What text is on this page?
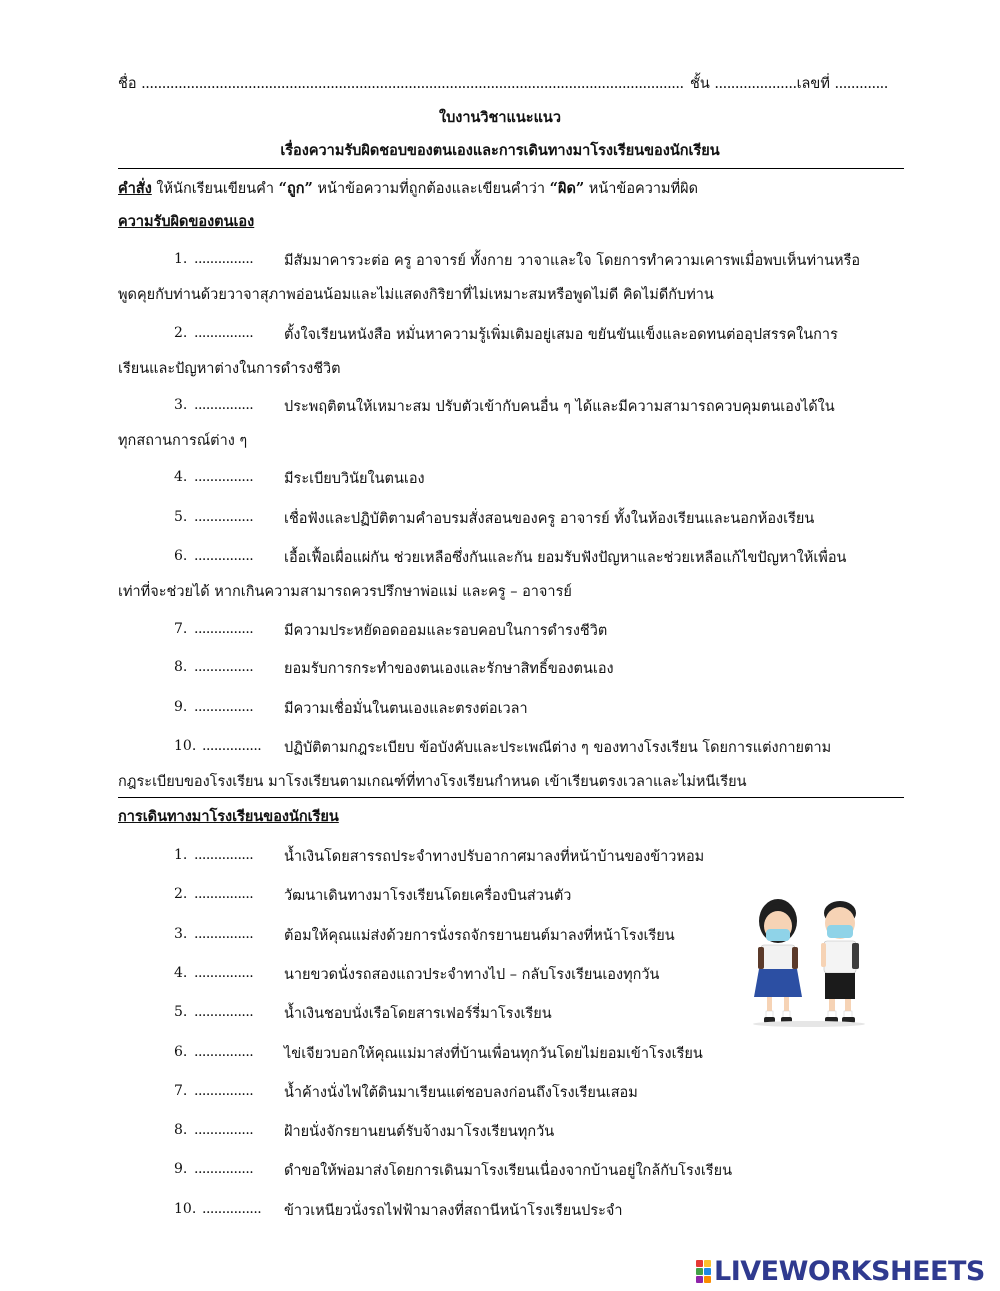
ชื่อ .................................................................................................................................... ชั้น ....................เลขที่ .............
ใบงานวิชาแนะแนว
เรื่องความรับผิดชอบของตนเองและการเดินทางมาโรงเรียนของนักเรียน
คำสั่ง ให้นักเรียนเขียนคำ “ถูก” หน้าข้อความที่ถูกต้องและเขียนคำว่า “ผิด” หน้าข้อความที่ผิด
ความรับผิดของตนเอง
1. ............... มีสัมมาคารวะต่อ ครู อาจารย์ ทั้งกาย วาจาและใจ โดยการทำความเคารพเมื่อพบเห็นท่านหรือ
พูดคุยกับท่านด้วยวาจาสุภาพอ่อนน้อมและไม่แสดงกิริยาที่ไม่เหมาะสมหรือพูดไม่ดี คิดไม่ดีกับท่าน
2. ............... ตั้งใจเรียนหนังสือ หมั่นหาความรู้เพิ่มเติมอยู่เสมอ ขยันขันแข็งและอดทนต่ออุปสรรคในการ
เรียนและปัญหาต่างในการดำรงชีวิต
3. ............... ประพฤติตนให้เหมาะสม ปรับตัวเข้ากับคนอื่น ๆ ได้และมีความสามารถควบคุมตนเองได้ใน
ทุกสถานการณ์ต่าง ๆ
4. ............... มีระเบียบวินัยในตนเอง
5. ............... เชื่อฟังและปฏิบัติตามคำอบรมสั่งสอนของครู อาจารย์ ทั้งในห้องเรียนและนอกห้องเรียน
6. ............... เอื้อเฟื้อเผื่อแผ่กัน ช่วยเหลือซึ่งกันและกัน ยอมรับฟังปัญหาและช่วยเหลือแก้ไขปัญหาให้เพื่อน
เท่าที่จะช่วยได้ หากเกินความสามารถควรปรึกษาพ่อแม่ และครู – อาจารย์
7. ............... มีความประหยัดอดออมและรอบคอบในการดำรงชีวิต
8. ............... ยอมรับการกระทำของตนเองและรักษาสิทธิ์ของตนเอง
9. ............... มีความเชื่อมั่นในตนเองและตรงต่อเวลา
10. ............... ปฏิบัติตามกฎระเบียบ ข้อบังคับและประเพณีต่าง ๆ ของทางโรงเรียน โดยการแต่งกายตาม
กฎระเบียบของโรงเรียน มาโรงเรียนตามเกณฑ์ที่ทางโรงเรียนกำหนด เข้าเรียนตรงเวลาและไม่หนีเรียน
การเดินทางมาโรงเรียนของนักเรียน
1. ............... น้ำเงินโดยสารรถประจำทางปรับอากาศมาลงที่หน้าบ้านของข้าวหอม
2. ............... วัฒนาเดินทางมาโรงเรียนโดยเครื่องบินส่วนตัว
3. ............... ต้อมให้คุณแม่ส่งด้วยการนั่งรถจักรยานยนต์มาลงที่หน้าโรงเรียน
4. ............... นายขวดนั่งรถสองแถวประจำทางไป – กลับโรงเรียนเองทุกวัน
5. ............... น้ำเงินชอบนั่งเรือโดยสารเฟอร์รี่มาโรงเรียน
6. ............... ไข่เจียวบอกให้คุณแม่มาส่งที่บ้านเพื่อนทุกวันโดยไม่ยอมเข้าโรงเรียน
7. ............... น้ำค้างนั่งไฟใต้ดินมาเรียนแต่ชอบลงก่อนถึงโรงเรียนเสอม
8. ............... ฝ้ายนั่งจักรยานยนต์รับจ้างมาโรงเรียนทุกวัน
9. ............... ดำขอให้พ่อมาส่งโดยการเดินมาโรงเรียนเนื่องจากบ้านอยู่ใกล้กับโรงเรียน
10. ............... ข้าวเหนียวนั่งรถไฟฟ้ามาลงที่สถานีหน้าโรงเรียนประจำ
LIVEWORKSHEETS
